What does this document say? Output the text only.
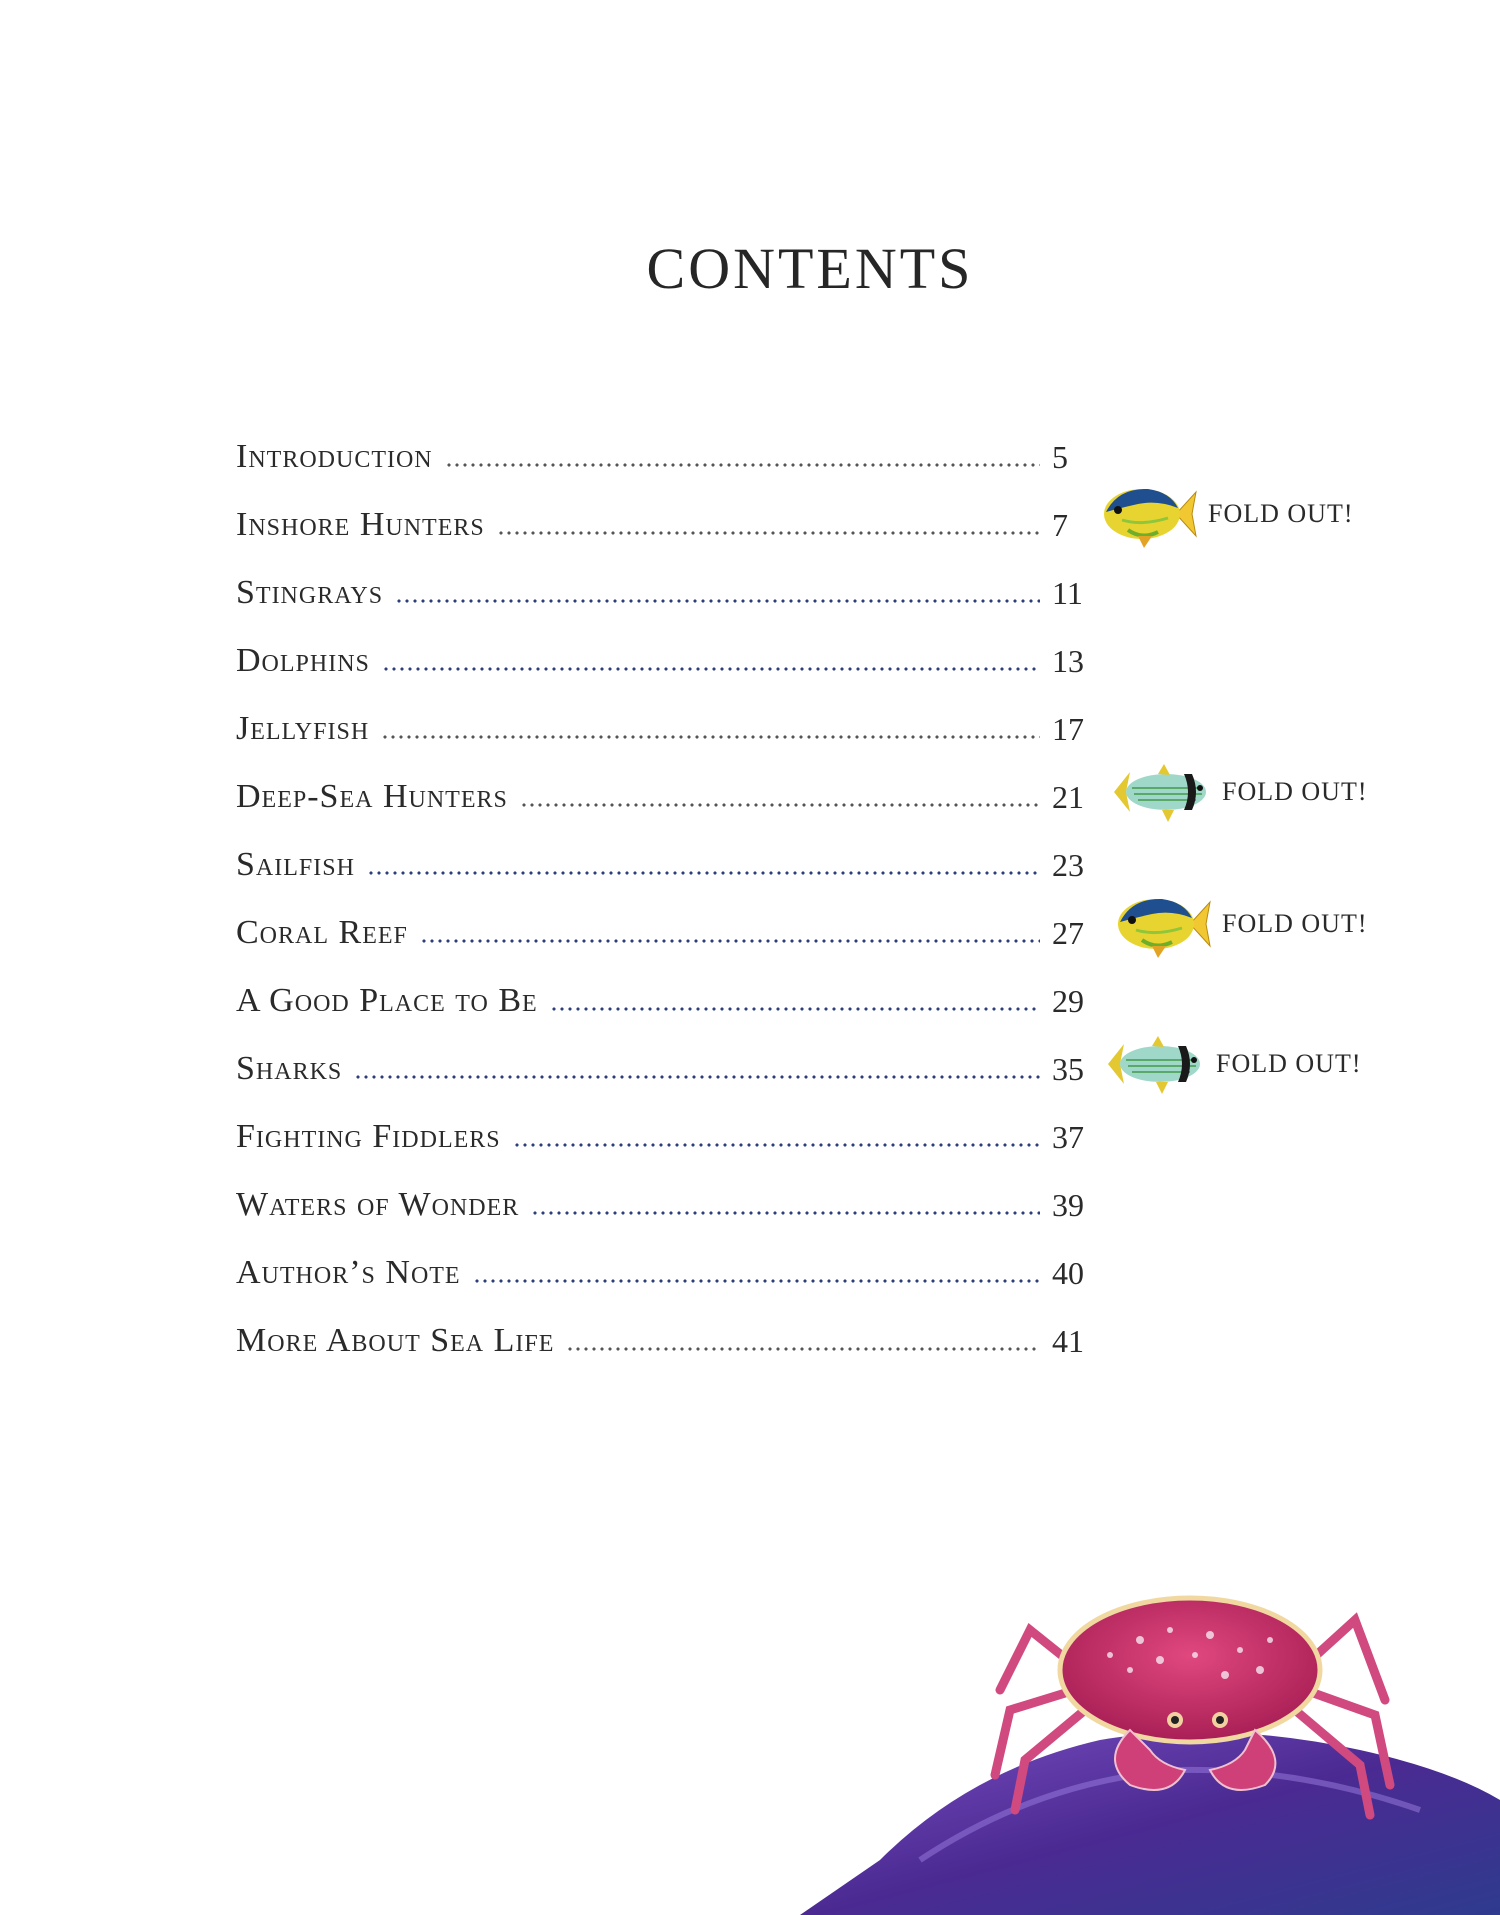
CONTENTS
Introduction	5
Inshore Hunters	7
Stingrays	11
Dolphins	13
Jellyfish	17
Deep-Sea Hunters	21
Sailfish	23
Coral Reef	27
A Good Place to Be	29
Sharks	35
Fighting Fiddlers	37
Waters of Wonder	39
Author’s Note	40
More About Sea Life	41
FOLD OUT!
FOLD OUT!
FOLD OUT!
FOLD OUT!
